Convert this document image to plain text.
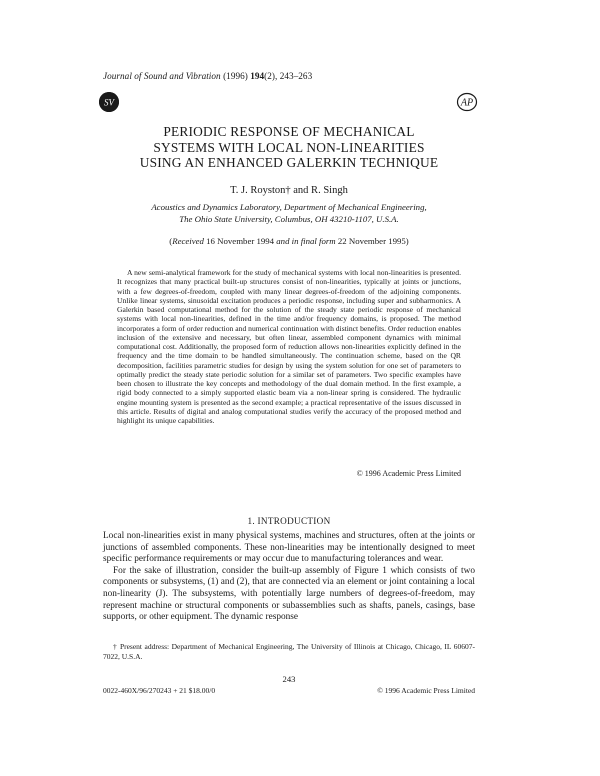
Journal of Sound and Vibration (1996) 194(2), 243–263
SV	AP
PERIODIC RESPONSE OF MECHANICAL
SYSTEMS WITH LOCAL NON-LINEARITIES
USING AN ENHANCED GALERKIN TECHNIQUE
T. J. Royston† and R. Singh
Acoustics and Dynamics Laboratory, Department of Mechanical Engineering,
The Ohio State University, Columbus, OH 43210-1107, U.S.A.
(Received 16 November 1994 and in final form 22 November 1995)
A new semi-analytical framework for the study of mechanical systems with local non-linearities is presented. It recognizes that many practical built-up structures consist of non-linearities, typically at joints or junctions, with a few degrees-of-freedom, coupled with many linear degrees-of-freedom of the adjoining components. Unlike linear systems, sinusoidal excitation produces a periodic response, including super and subharmonics. A Galerkin based computational method for the solution of the steady state periodic response of mechanical systems with local non-linearities, defined in the time and/or frequency domains, is proposed. The method incorporates a form of order reduction and numerical continuation with distinct benefits. Order reduction enables inclusion of the extensive and necessary, but often linear, assembled component dynamics with minimal computational cost. Additionally, the proposed form of reduction allows non-linearities explicitly defined in the frequency and the time domain to be handled simultaneously. The continuation scheme, based on the QR decomposition, facilities parametric studies for design by using the system solution for one set of parameters to optimally predict the steady state periodic solution for a similar set of parameters. Two specific examples have been chosen to illustrate the key concepts and methodology of the dual domain method. In the first example, a rigid body connected to a simply supported elastic beam via a non-linear spring is considered. The hydraulic engine mounting system is presented as the second example; a practical representative of the issues discussed in this article. Results of digital and analog computational studies verify the accuracy of the proposed method and highlight its unique capabilities.
© 1996 Academic Press Limited
1. INTRODUCTION

Local non-linearities exist in many physical systems, machines and structures, often at the joints or junctions of assembled components. These non-linearities may be intentionally designed to meet specific performance requirements or may occur due to manufacturing tolerances and wear.

For the sake of illustration, consider the built-up assembly of Figure 1 which consists of two components or subsystems, (1) and (2), that are connected via an element or joint containing a local non-linearity (J). The subsystems, with potentially large numbers of degrees-of-freedom, may represent machine or structural components or subassemblies such as shafts, panels, casings, base supports, or other equipment. The dynamic response

† Present address: Department of Mechanical Engineering, The University of Illinois at Chicago, Chicago, IL 60607-7022, U.S.A.
243
0022-460X/96/270243 + 21 $18.00/0	© 1996 Academic Press Limited
